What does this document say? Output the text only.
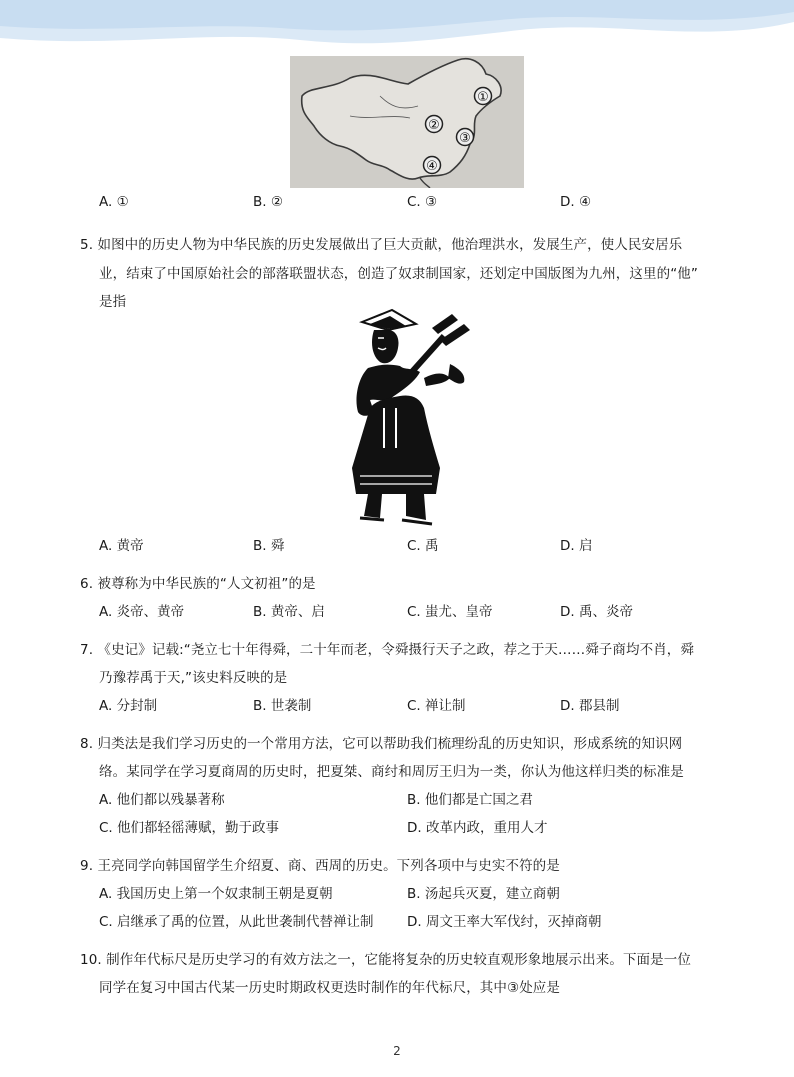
①
②
③
④
A. ①	B. ②	C. ③	D. ④
5. 如图中的历史人物为中华民族的历史发展做出了巨大贡献，他治理洪水，发展生产，使人民安居乐
业，结束了中国原始社会的部落联盟状态，创造了奴隶制国家，还划定中国版图为九州，这里的“他”
是指
A. 黄帝	B. 舜	C. 禹	D. 启
6. 被尊称为中华民族的“人文初祖”的是
A. 炎帝、黄帝	B. 黄帝、启	C. 蚩尤、皇帝	D. 禹、炎帝
7. 《史记》记载:“尧立七十年得舜，二十年而老，令舜摄行天子之政，荐之于天……舜子商均不肖，舜
乃豫荐禹于天,”该史料反映的是
A. 分封制	B. 世袭制	C. 禅让制	D. 郡县制
8. 归类法是我们学习历史的一个常用方法，它可以帮助我们梳理纷乱的历史知识，形成系统的知识网
络。某同学在学习夏商周的历史时，把夏桀、商纣和周厉王归为一类，你认为他这样归类的标准是
A. 他们都以残暴著称	B. 他们都是亡国之君
C. 他们都轻徭薄赋，勤于政事	D. 改革内政，重用人才
9. 王亮同学向韩国留学生介绍夏、商、西周的历史。下列各项中与史实不符的是
A. 我国历史上第一个奴隶制王朝是夏朝	B. 汤起兵灭夏，建立商朝
C. 启继承了禹的位置，从此世袭制代替禅让制 D. 周文王率大军伐纣，灭掉商朝
10. 制作年代标尺是历史学习的有效方法之一，它能将复杂的历史较直观形象地展示出来。下面是一位
同学在复习中国古代某一历史时期政权更迭时制作的年代标尺，其中③处应是
2
